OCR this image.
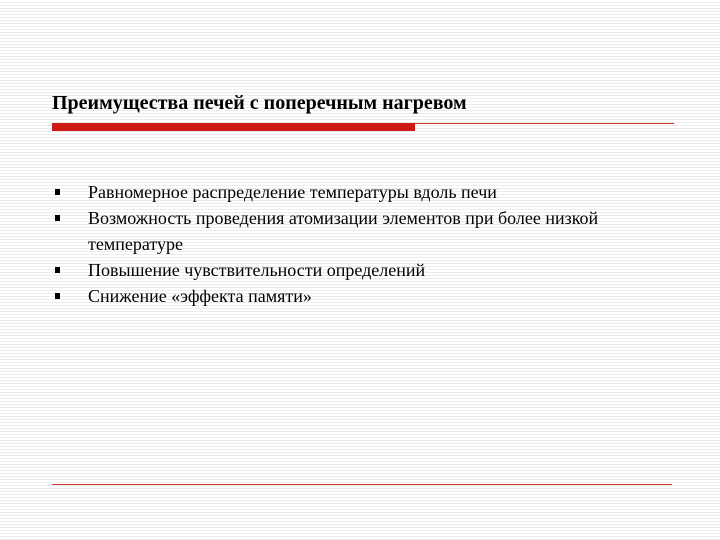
Преимущества печей с поперечным нагревом
Равномерное распределение температуры вдоль печи
Возможность проведения атомизации элементов при более низкой температуре
Повышение чувствительности определений
Снижение «эффекта памяти»
